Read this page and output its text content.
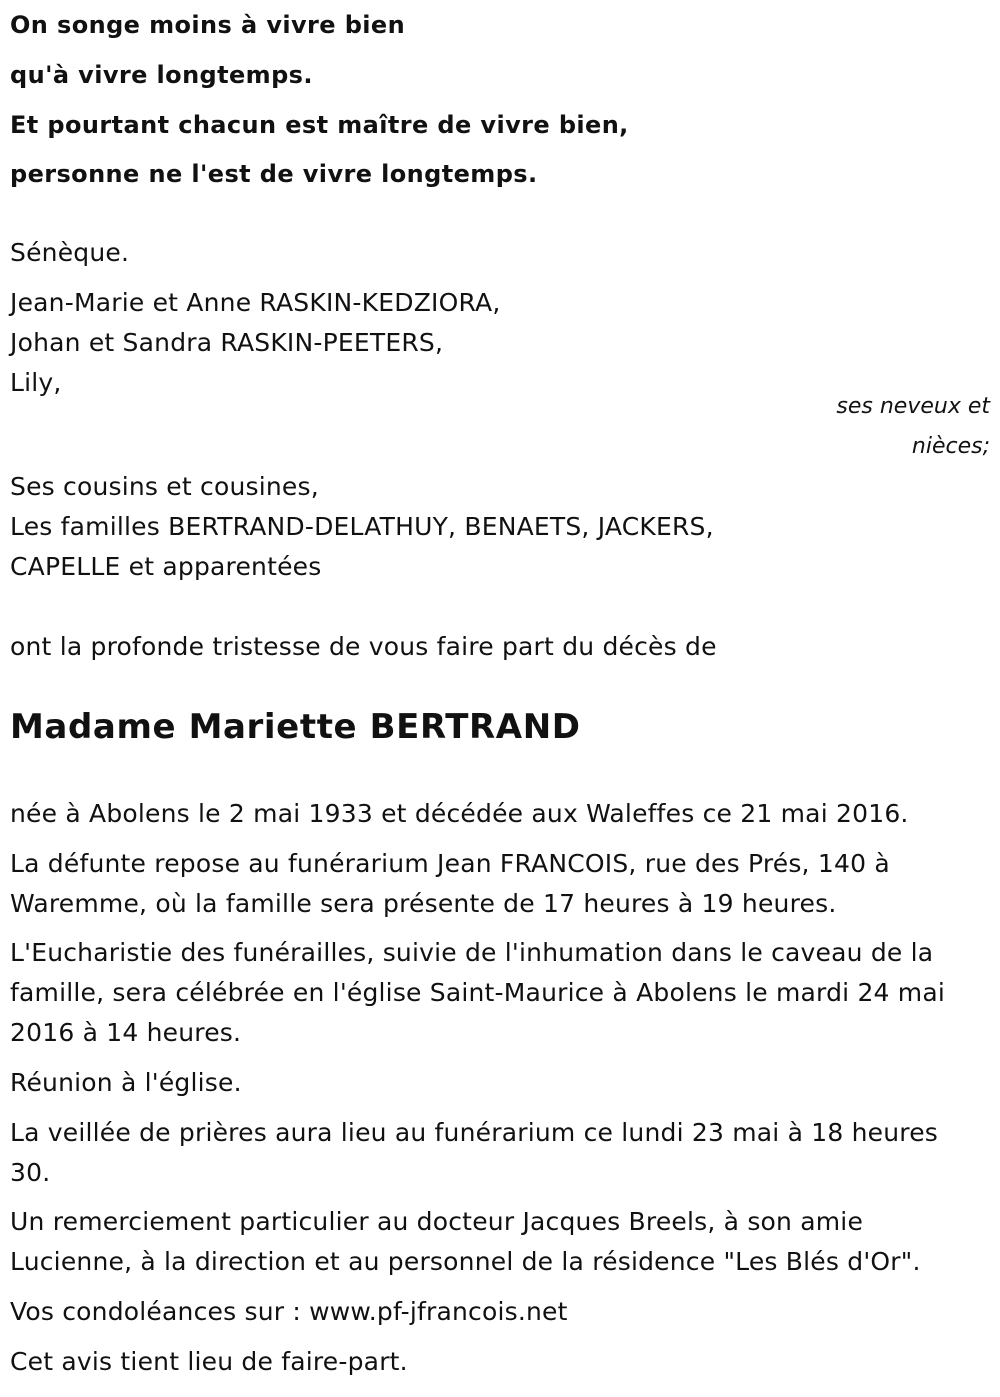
On songe moins à vivre bien
qu'à vivre longtemps.
Et pourtant chacun est maître de vivre bien,
personne ne l'est de vivre longtemps.
Sénèque.
Jean-Marie et Anne RASKIN-KEDZIORA,
Johan et Sandra RASKIN-PEETERS,
Lily,
ses neveux et
nièces;
Ses cousins et cousines,
Les familles BERTRAND-DELATHUY, BENAETS, JACKERS,
CAPELLE et apparentées
ont la profonde tristesse de vous faire part du décès de
Madame Mariette BERTRAND
née à Abolens le 2 mai 1933 et décédée aux Waleffes ce 21 mai 2016.
La défunte repose au funérarium Jean FRANCOIS, rue des Prés, 140 à
Waremme, où la famille sera présente de 17 heures à 19 heures.
L'Eucharistie des funérailles, suivie de l'inhumation dans le caveau de la
famille, sera célébrée en l'église Saint-Maurice à Abolens le mardi 24 mai
2016 à 14 heures.
Réunion à l'église.
La veillée de prières aura lieu au funérarium ce lundi 23 mai à 18 heures
30.
Un remerciement particulier au docteur Jacques Breels, à son amie
Lucienne, à la direction et au personnel de la résidence "Les Blés d'Or".
Vos condoléances sur : www.pf-jfrancois.net
Cet avis tient lieu de faire-part.
